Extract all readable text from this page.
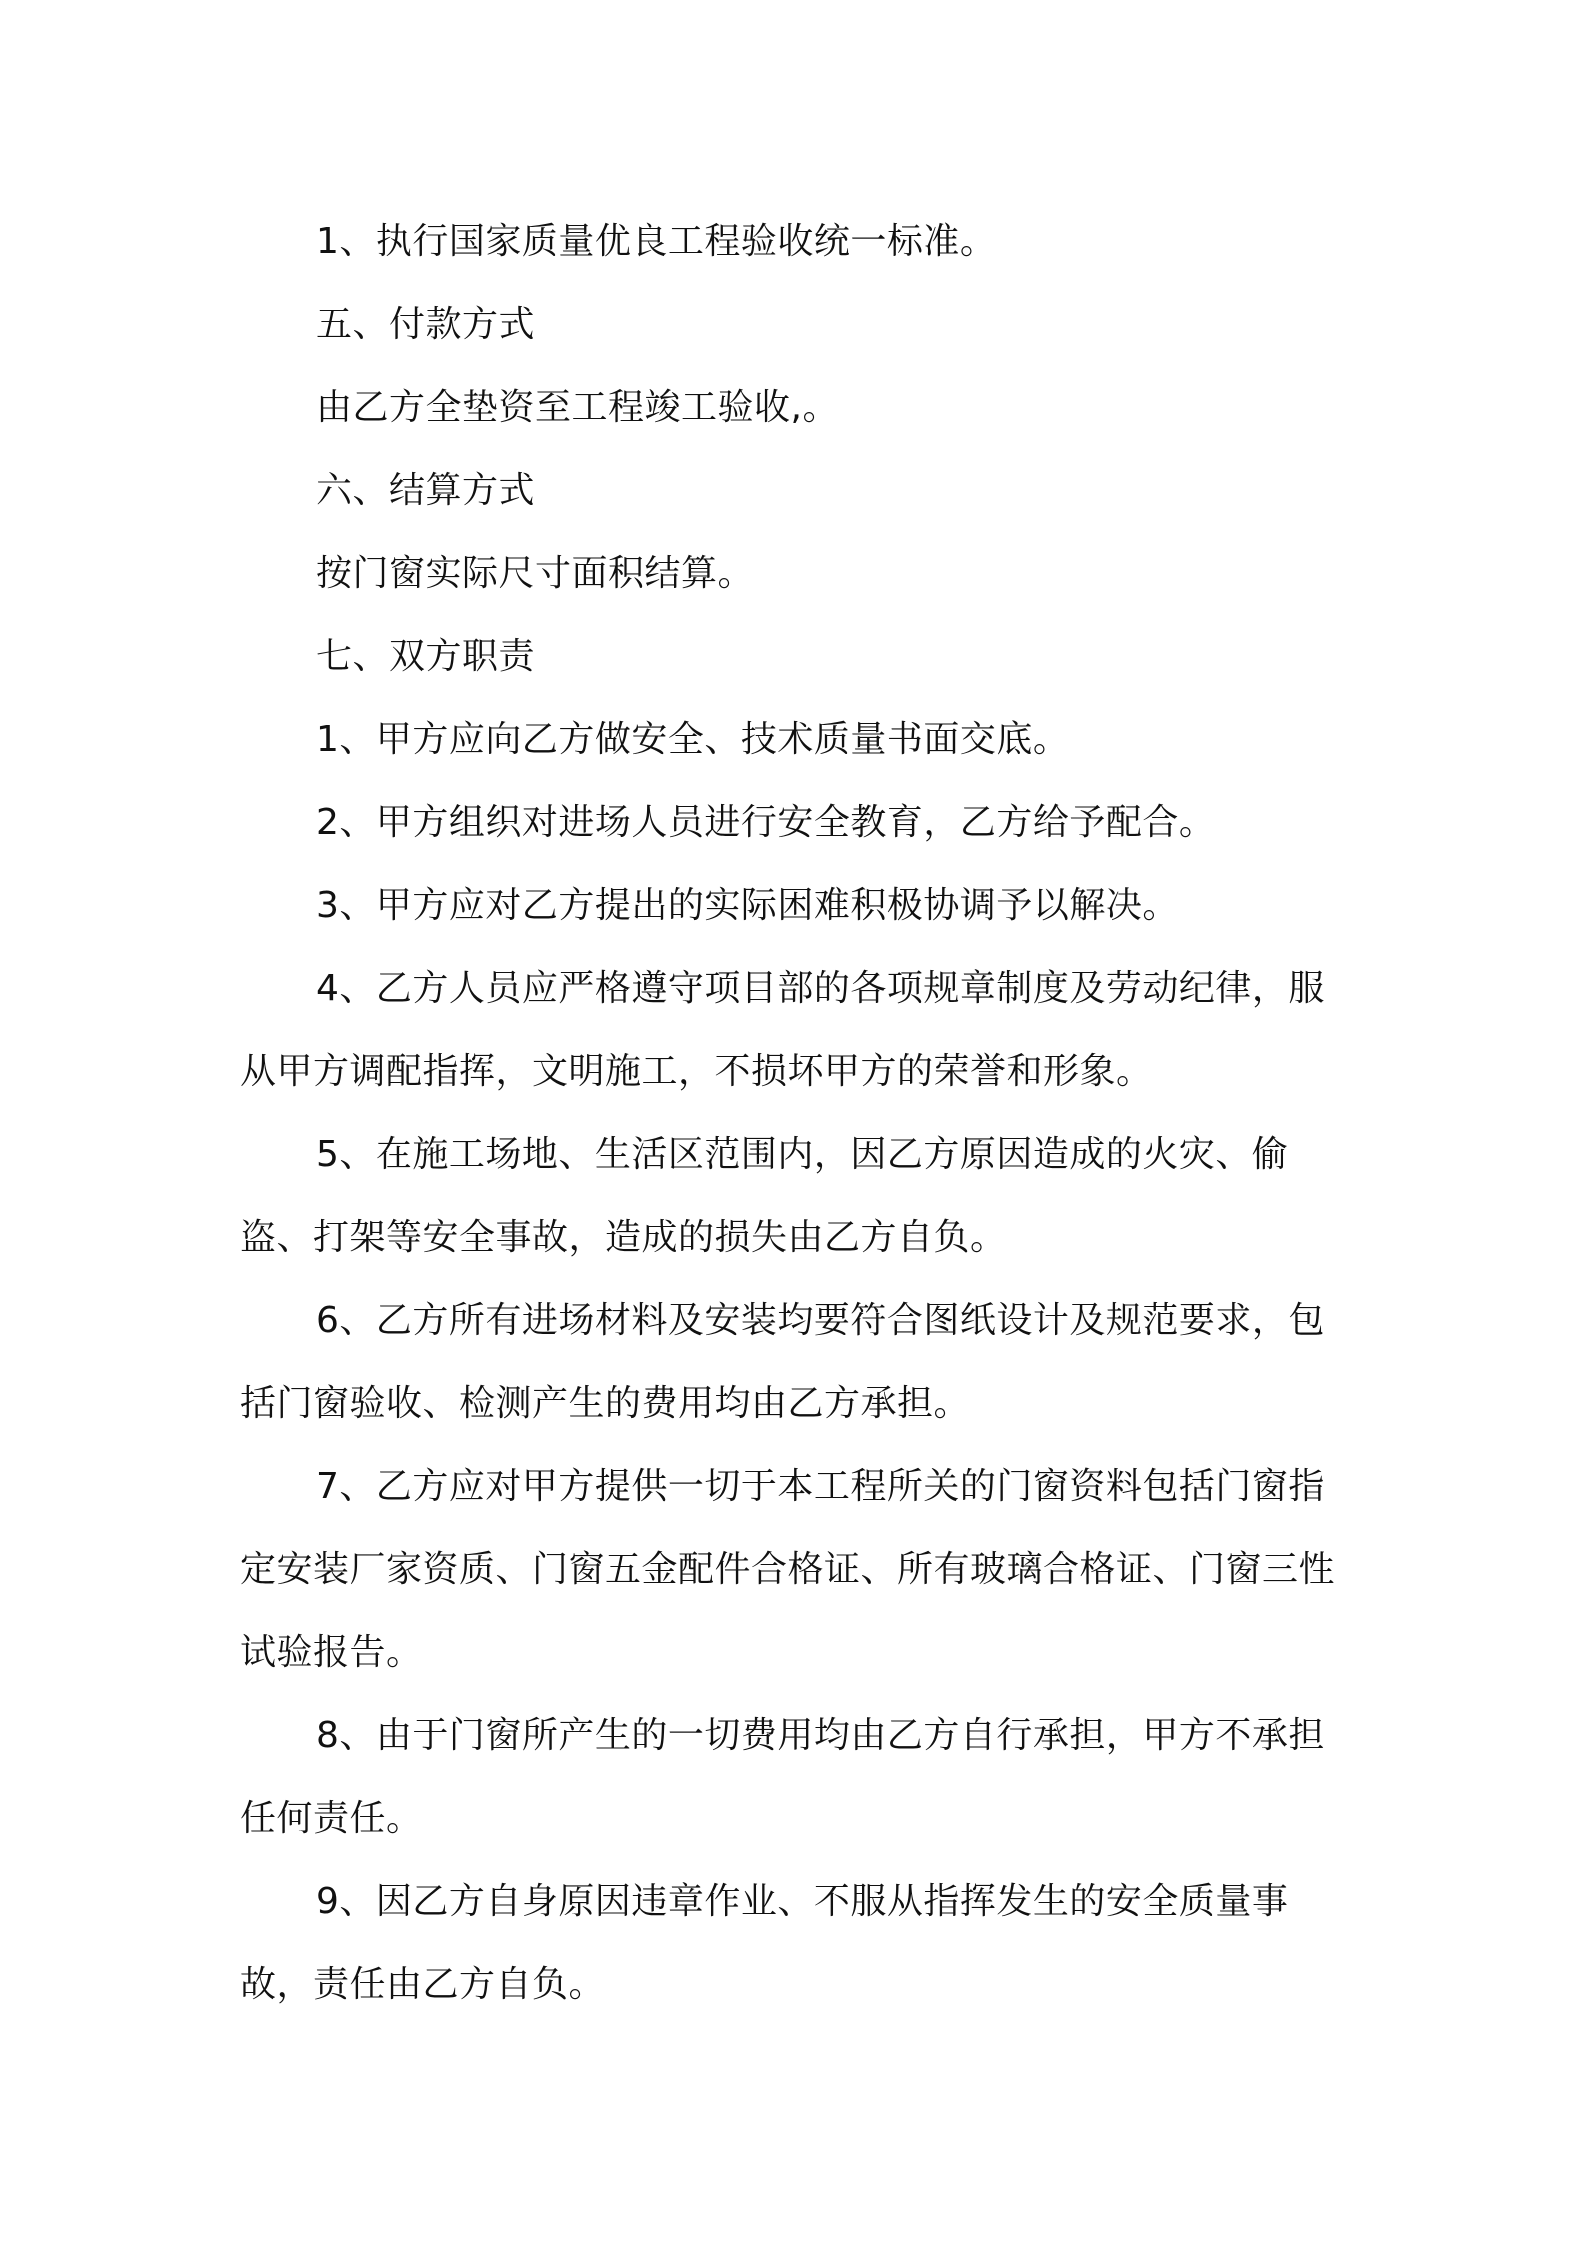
1、执行国家质量优良工程验收统一标准。

五、付款方式

由乙方全垫资至工程竣工验收,。

六、结算方式

按门窗实际尺寸面积结算。

七、双方职责

1、甲方应向乙方做安全、技术质量书面交底。

2、甲方组织对进场人员进行安全教育，乙方给予配合。

3、甲方应对乙方提出的实际困难积极协调予以解决。

4、乙方人员应严格遵守项目部的各项规章制度及劳动纪律，服从甲方调配指挥，文明施工，不损坏甲方的荣誉和形象。

5、在施工场地、生活区范围内，因乙方原因造成的火灾、偷盗、打架等安全事故，造成的损失由乙方自负。

6、乙方所有进场材料及安装均要符合图纸设计及规范要求，包括门窗验收、检测产生的费用均由乙方承担。

7、乙方应对甲方提供一切于本工程所关的门窗资料包括门窗指定安装厂家资质、门窗五金配件合格证、所有玻璃合格证、门窗三性试验报告。

8、由于门窗所产生的一切费用均由乙方自行承担，甲方不承担任何责任。

9、因乙方自身原因违章作业、不服从指挥发生的安全质量事故，责任由乙方自负。
